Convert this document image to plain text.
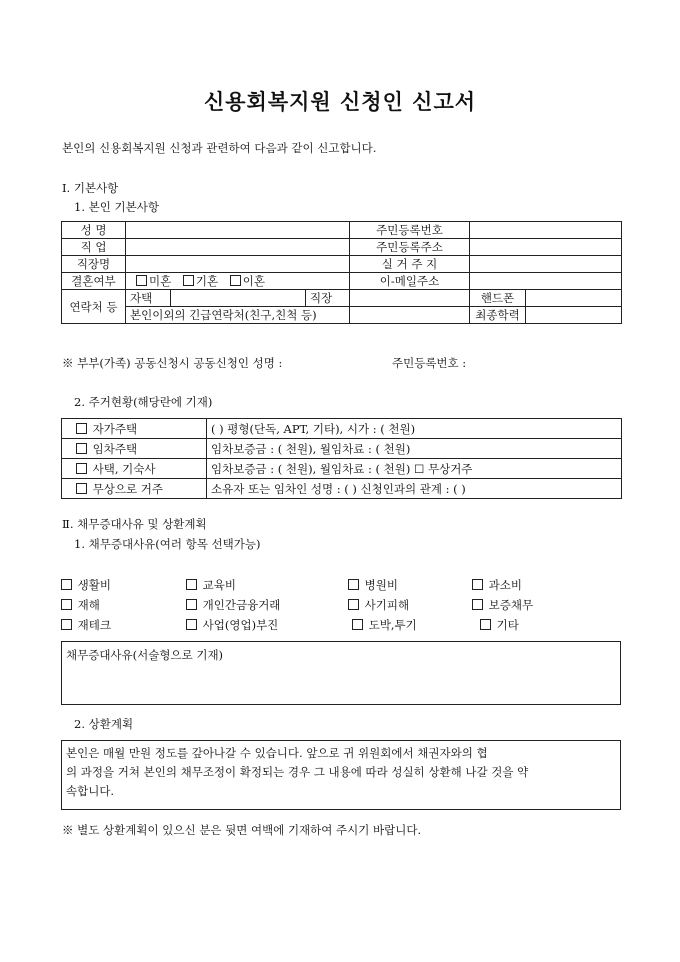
신용회복지원 신청인 신고서
본인의 신용회복지원 신청과 관련하여 다음과 같이 신고합니다.
Ⅰ. 기본사항
1. 본인 기본사항
성 명				주민등록번호		
직 업				주민등록주소		
직장명				실 거 주 지		
결혼여부	미혼 기혼 이혼			이-메일주소		
연락처 등	자택		직장		핸드폰	
	본인이외의 긴급연락처(친구,친척 등)				최종학력	
※ 부부(가족) 공동신청시 공동신청인 성명 :	주민등록번호 :
2. 주거현황(해당란에 기재)
자가주택	( ) 평형(단독, APT, 기타), 시가 : ( 천원)
임차주택	임차보증금 : ( 천원), 월임차료 : ( 천원)
사택, 기숙사	임차보증금 : ( 천원), 월임차료 : ( 천원) ☐ 무상거주
무상으로 거주	소유자 또는 임차인 성명 : ( ) 신청인과의 관계 : ( )
Ⅱ. 채무증대사유 및 상환계획
1. 채무증대사유(여러 항목 선택가능)
생활비	교육비	병원비	과소비
재해	개인간금융거래	사기피해	보증채무
재테크	사업(영업)부진	도박,투기	기타
채무증대사유(서술형으로 기재)
2. 상환계획
본인은 매월 만원 정도를 갚아나갈 수 있습니다. 앞으로 귀 위원회에서 채권자와의 협
의 과정을 거쳐 본인의 채무조정이 확정되는 경우 그 내용에 따라 성실히 상환해 나갈 것을 약
속합니다.
※ 별도 상환계획이 있으신 분은 뒷면 여백에 기재하여 주시기 바랍니다.
